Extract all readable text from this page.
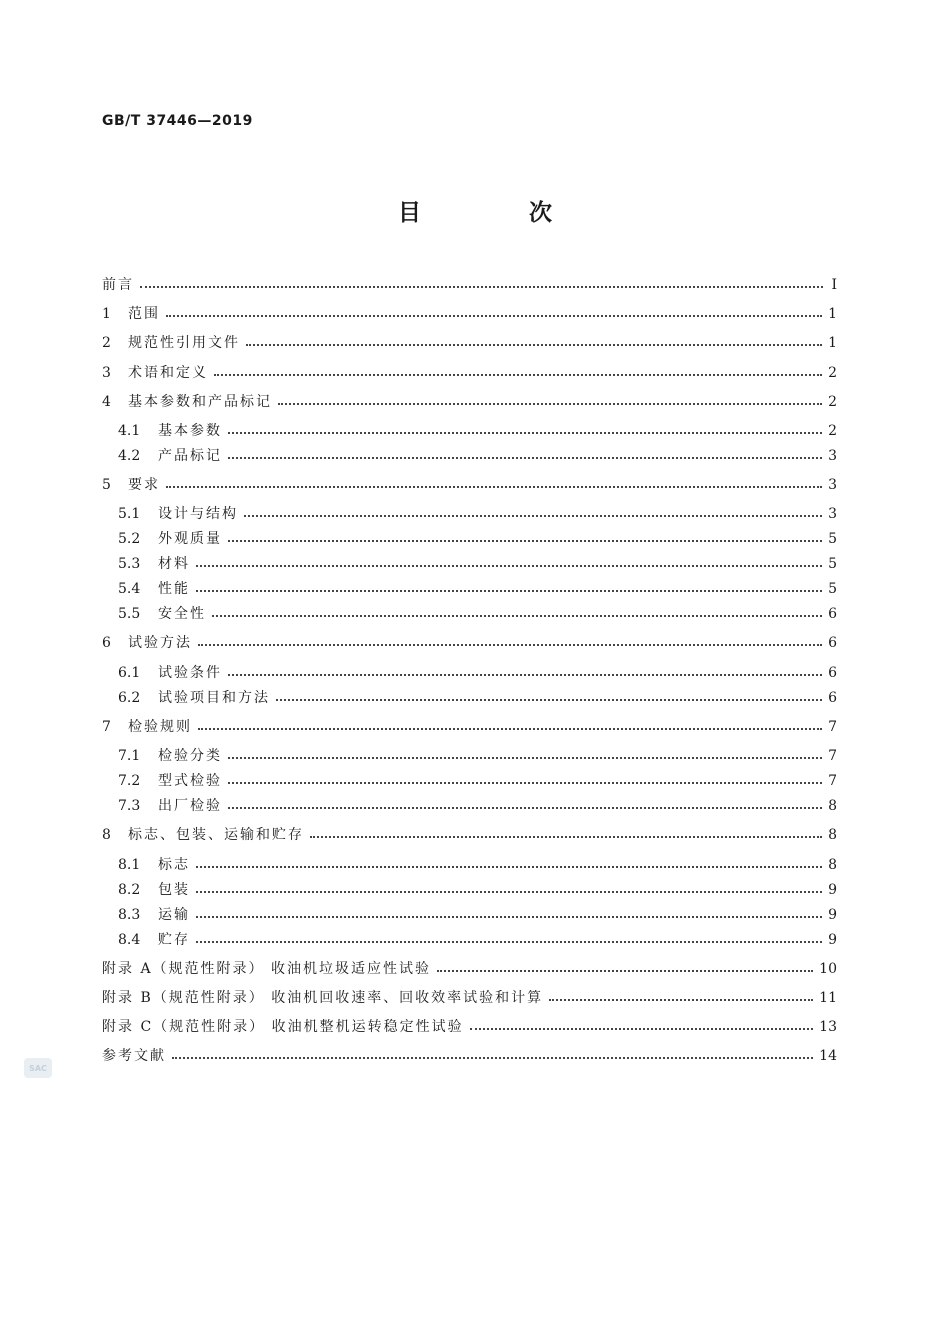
GB/T 37446—2019
目 次
前言	Ⅰ
1	范围	1
2	规范性引用文件	1
3	术语和定义	2
4	基本参数和产品标记	2
4.1	基本参数	2
4.2	产品标记	3
5	要求	3
5.1	设计与结构	3
5.2	外观质量	5
5.3	材料	5
5.4	性能	5
5.5	安全性	6
6	试验方法	6
6.1	试验条件	6
6.2	试验项目和方法	6
7	检验规则	7
7.1	检验分类	7
7.2	型式检验	7
7.3	出厂检验	8
8	标志、包装、运输和贮存	8
8.1	标志	8
8.2	包装	9
8.3	运输	9
8.4	贮存	9
附录 A（规范性附录） 收油机垃圾适应性试验	10
附录 B（规范性附录） 收油机回收速率、回收效率试验和计算	11
附录 C（规范性附录） 收油机整机运转稳定性试验	13
参考文献	14
SAC
